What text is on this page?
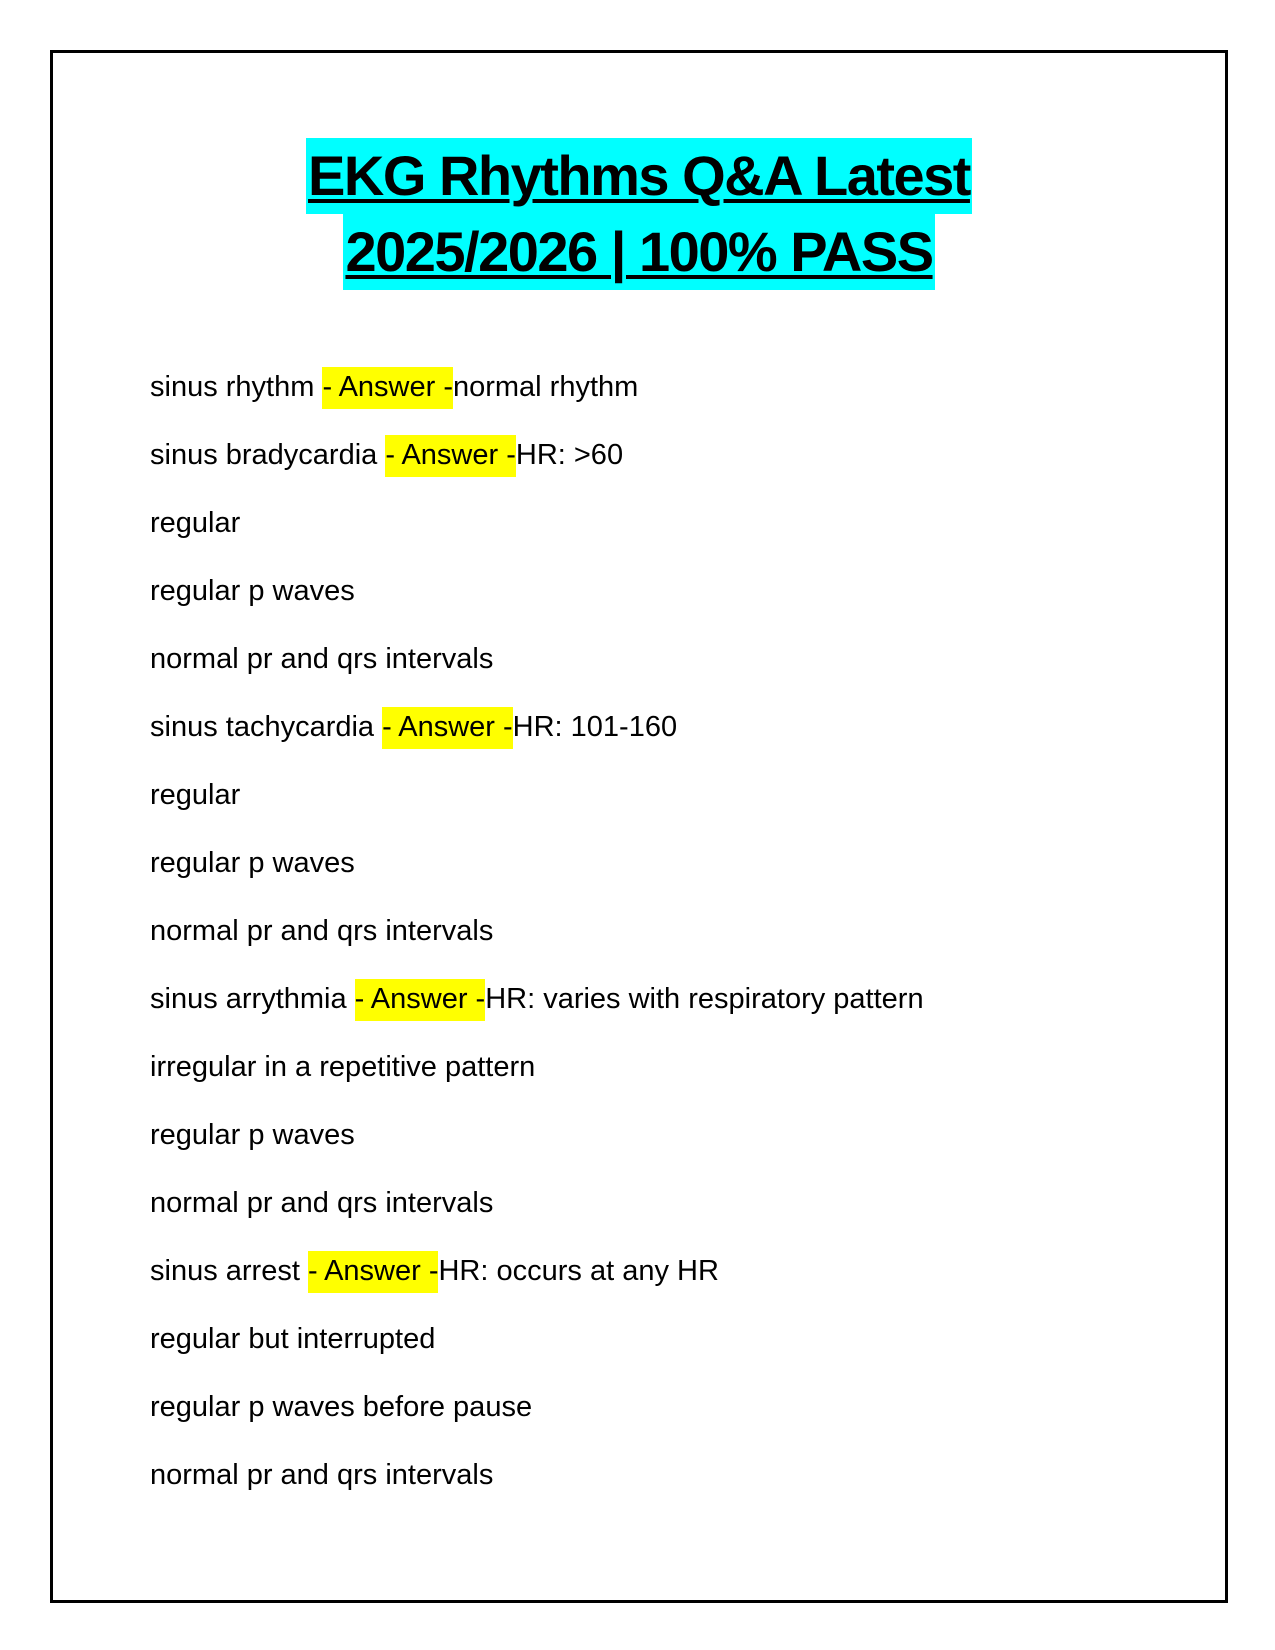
EKG Rhythms Q&A Latest
2025/2026 | 100% PASS
sinus rhythm - Answer -normal rhythm
sinus bradycardia - Answer -HR: >60
regular
regular p waves
normal pr and qrs intervals
sinus tachycardia - Answer -HR: 101-160
regular
regular p waves
normal pr and qrs intervals
sinus arrythmia - Answer -HR: varies with respiratory pattern
irregular in a repetitive pattern
regular p waves
normal pr and qrs intervals
sinus arrest - Answer -HR: occurs at any HR
regular but interrupted
regular p waves before pause
normal pr and qrs intervals
